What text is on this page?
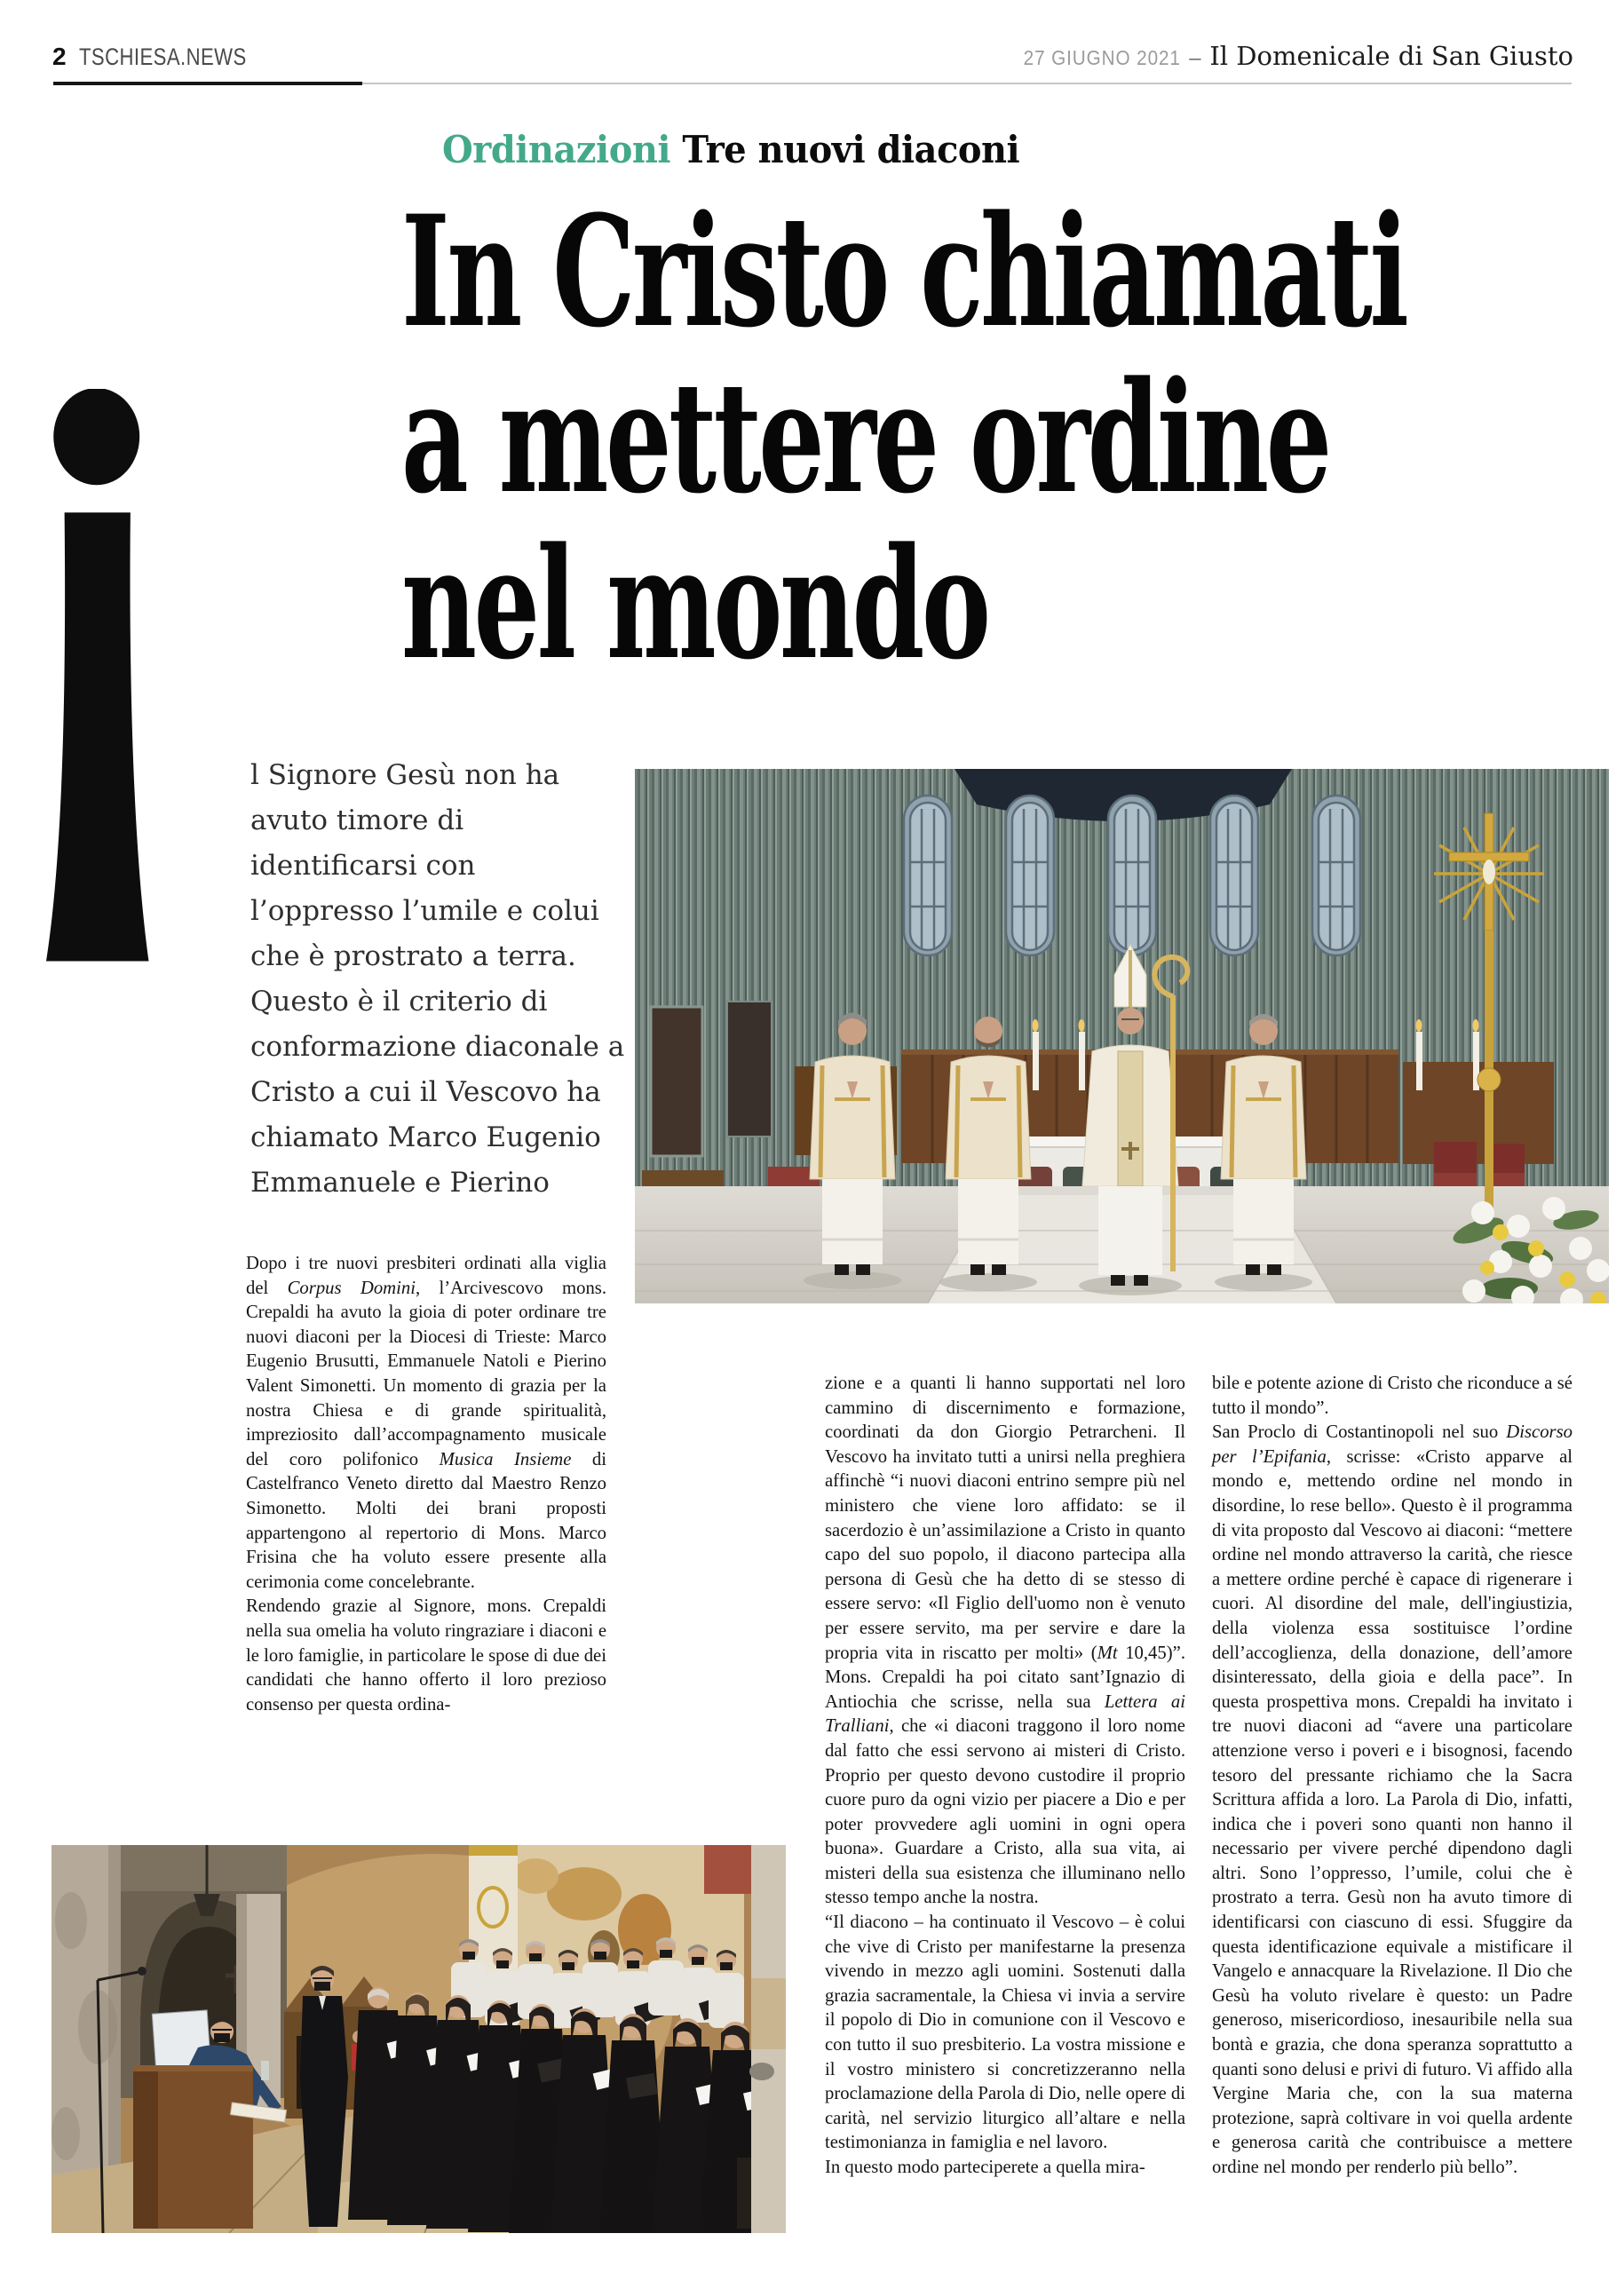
2 TSCHIESA.NEWS	27 GIUGNO 2021 – Il Domenicale di San Giusto
Ordinazioni Tre nuovi diaconi
In Cristo chiamati
a mettere ordine
nel mondo
l Signore Gesù non ha avuto timore di identificarsi con l’oppresso l’umile e colui che è prostrato a terra. Questo è il criterio di conformazione diaconale a Cristo a cui il Vescovo ha chiamato Marco Eugenio Emmanuele e Pierino

Dopo i tre nuovi presbiteri ordinati alla viglia del Corpus Domini, l’Arcivescovo mons. Crepaldi ha avuto la gioia di poter ordinare tre nuovi diaconi per la Diocesi di Trieste: Marco Eugenio Brusutti, Emmanuele Natoli e Pierino Valent Simonetti. Un momento di grazia per la nostra Chiesa e di grande spiritualità, impreziosito dall’accompagnamento musicale del coro polifonico Musica Insieme di Castelfranco Veneto diretto dal Maestro Renzo Simonetto. Molti dei brani proposti appartengono al repertorio di Mons. Marco Frisina che ha voluto essere presente alla cerimonia come concelebrante.

Rendendo grazie al Signore, mons. Crepaldi nella sua omelia ha voluto ringraziare i diaconi e le loro famiglie, in particolare le spose di due dei candidati che hanno offerto il loro prezioso consenso per questa ordina-

zione e a quanti li hanno supportati nel loro cammino di discernimento e formazione, coordinati da don Giorgio Petrarcheni. Il Vescovo ha invitato tutti a unirsi nella preghiera affinchè “i nuovi diaconi entrino sempre più nel ministero che viene loro affidato: se il sacerdozio è un’assimilazione a Cristo in quanto capo del suo popolo, il diacono partecipa alla persona di Gesù che ha detto di se stesso di essere servo: «Il Figlio dell'uomo non è venuto per essere servito, ma per servire e dare la propria vita in riscatto per molti» (Mt 10,45)”. Mons. Crepaldi ha poi citato sant’Ignazio di Antiochia che scrisse, nella sua Lettera ai Tralliani, che «i diaconi traggono il loro nome dal fatto che essi servono ai misteri di Cristo. Proprio per questo devono custodire il proprio cuore puro da ogni vizio per piacere a Dio e per poter provvedere agli uomini in ogni opera buona». Guardare a Cristo, alla sua vita, ai misteri della sua esistenza che illuminano nello stesso tempo anche la nostra.

“Il diacono – ha continuato il Vescovo – è colui che vive di Cristo per manifestarne la presenza vivendo in mezzo agli uomini. Sostenuti dalla grazia sacramentale, la Chiesa vi invia a servire il popolo di Dio in comunione con il Vescovo e con tutto il suo presbiterio. La vostra missione e il vostro ministero si concretizzeranno nella proclamazione della Parola di Dio, nelle opere di carità, nel servizio liturgico all’altare e nella testimonianza in famiglia e nel lavoro.

In questo modo parteciperete a quella mira-

bile e potente azione di Cristo che riconduce a sé tutto il mondo”.

San Proclo di Costantinopoli nel suo Discorso per l’Epifania, scrisse: «Cristo apparve al mondo e, mettendo ordine nel mondo in disordine, lo rese bello». Questo è il programma di vita proposto dal Vescovo ai diaconi: “mettere ordine nel mondo attraverso la carità, che riesce a mettere ordine perché è capace di rigenerare i cuori. Al disordine del male, dell'ingiustizia, della violenza essa sostituisce l’ordine dell’accoglienza, della donazione, dell’amore disinteressato, della gioia e della pace”. In questa prospettiva mons. Crepaldi ha invitato i tre nuovi diaconi ad “avere una particolare attenzione verso i poveri e i bisognosi, facendo tesoro del pressante richiamo che la Sacra Scrittura affida a loro. La Parola di Dio, infatti, indica che i poveri sono quanti non hanno il necessario per vivere perché dipendono dagli altri. Sono l’oppresso, l’umile, colui che è prostrato a terra. Gesù non ha avuto timore di identificarsi con ciascuno di essi. Sfuggire da questa identificazione equivale a mistificare il Vangelo e annacquare la Rivelazione. Il Dio che Gesù ha voluto rivelare è questo: un Padre generoso, misericordioso, inesauribile nella sua bontà e grazia, che dona speranza soprattutto a quanti sono delusi e privi di futuro. Vi affido alla Vergine Maria che, con la sua materna protezione, saprà coltivare in voi quella ardente e generosa carità che contribuisce a mettere ordine nel mondo per renderlo più bello”.
